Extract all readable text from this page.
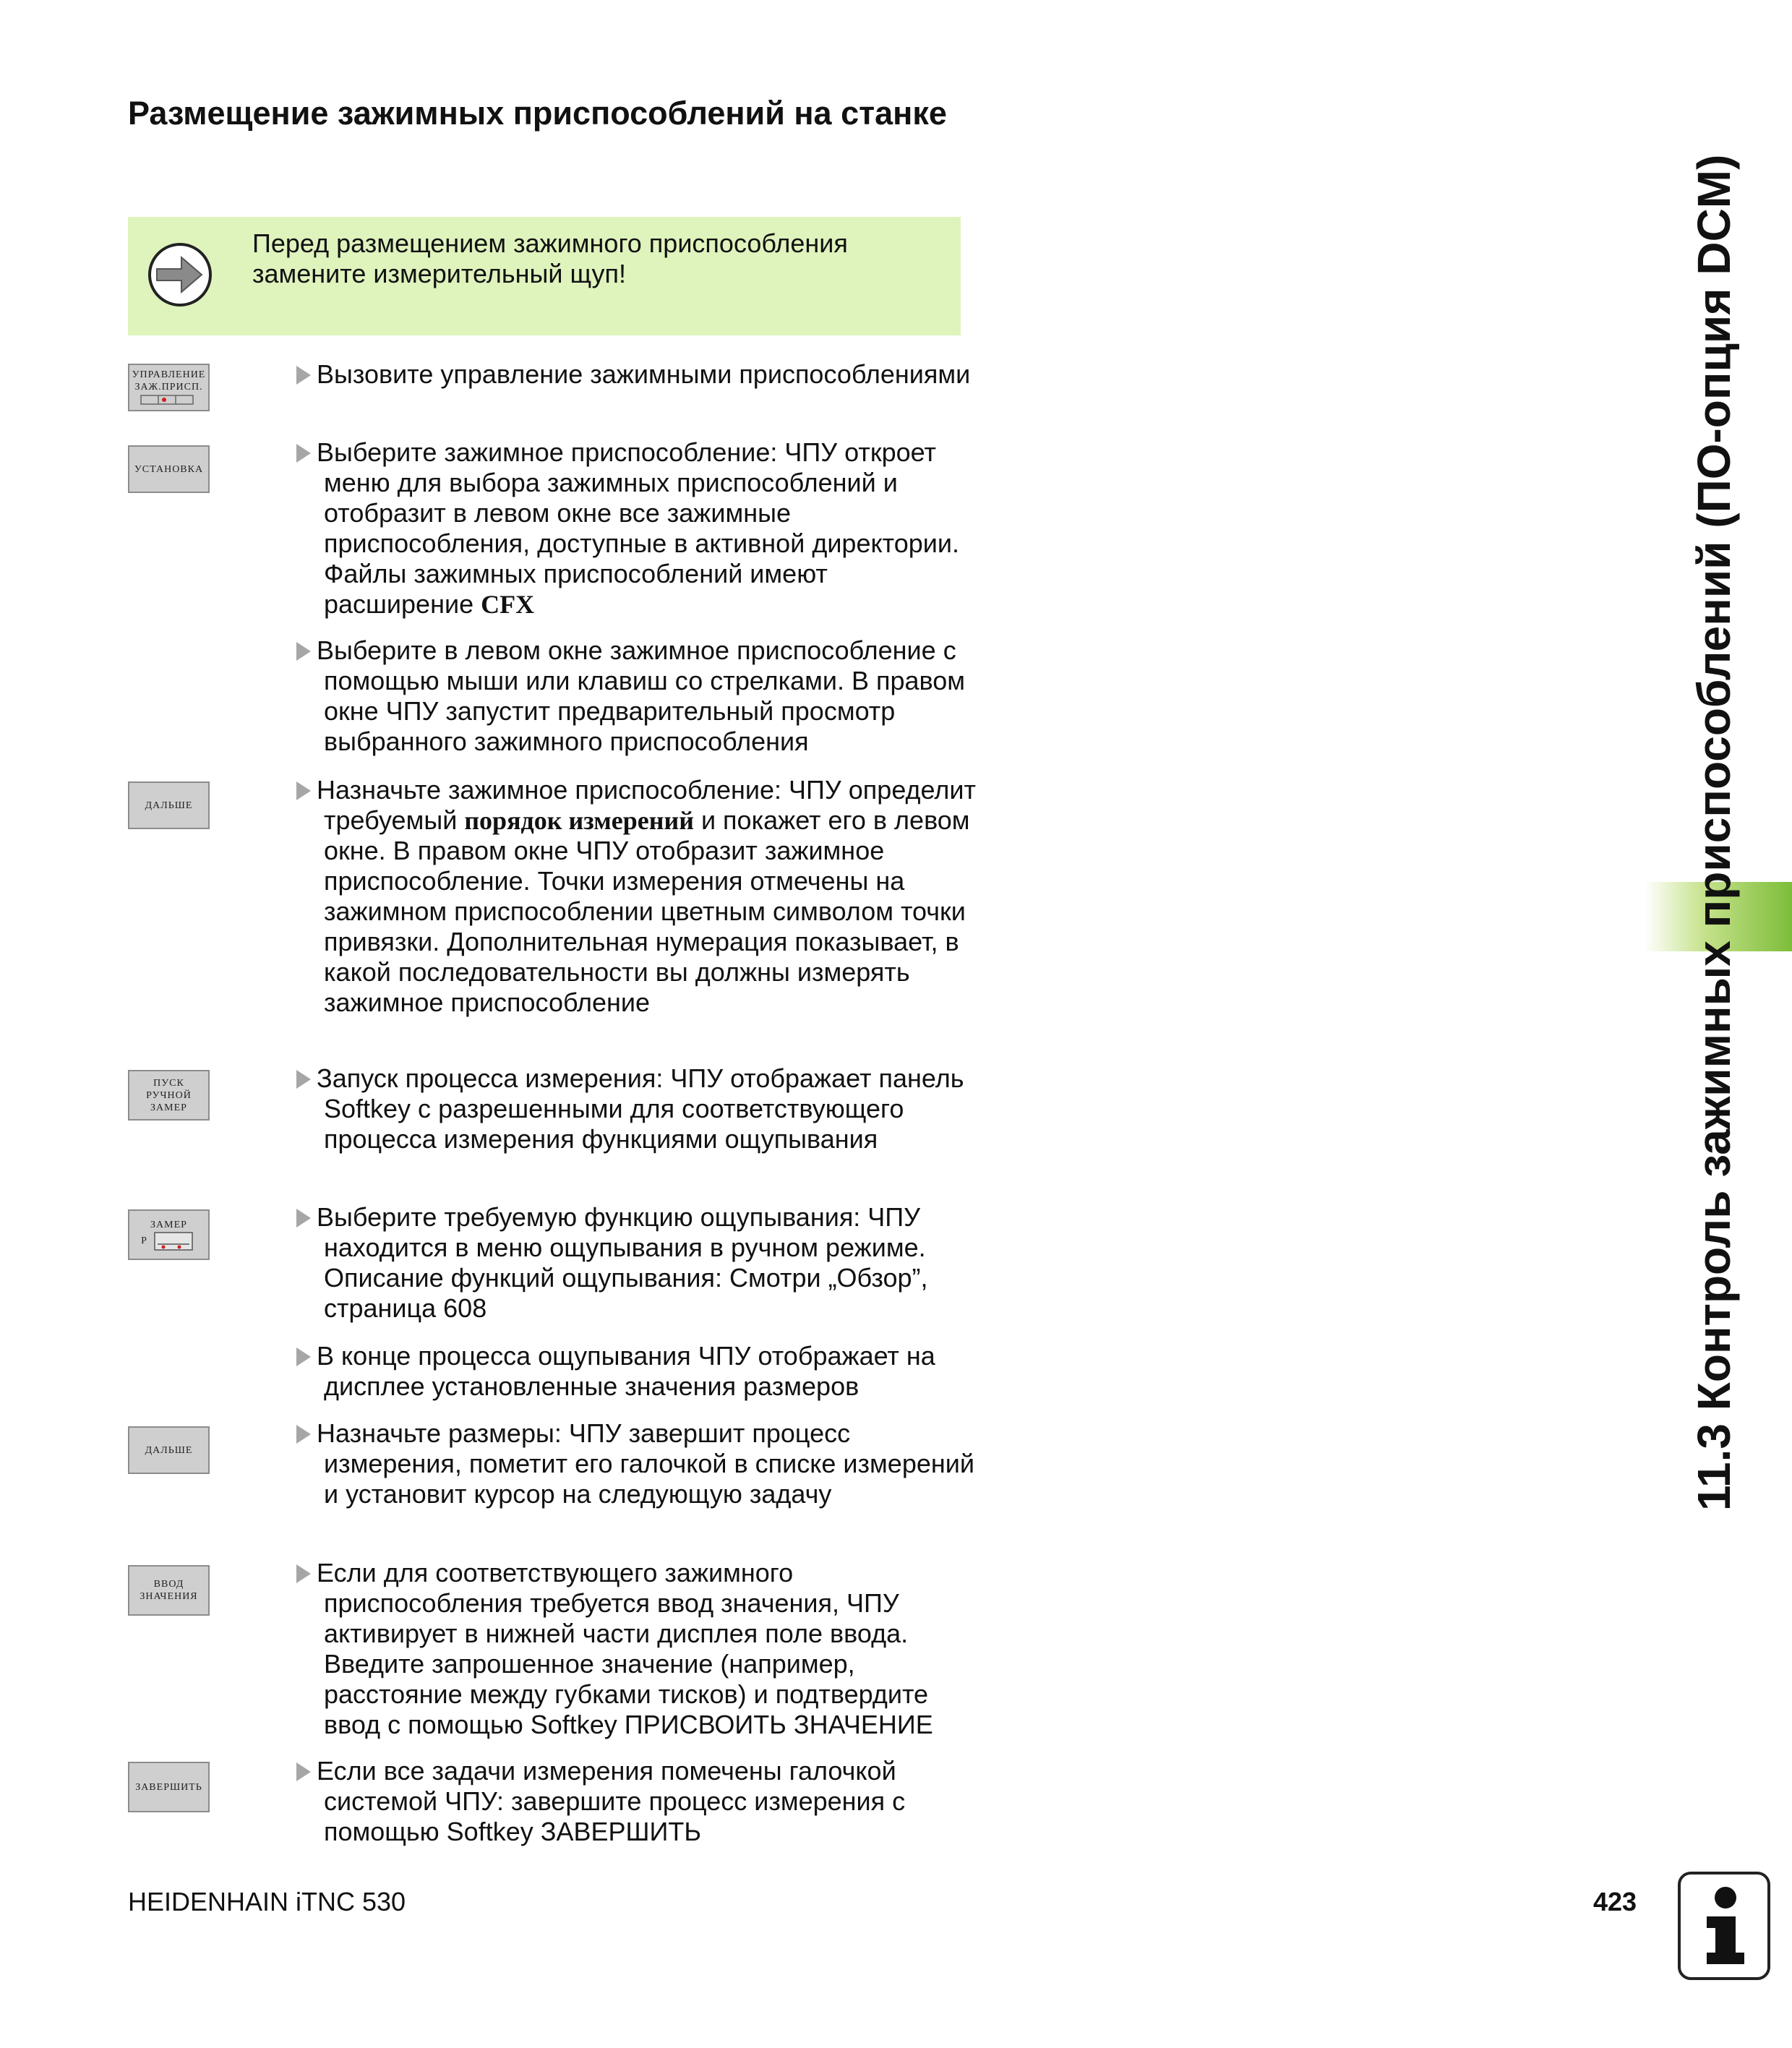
Размещение зажимных приспособлений на станке
Перед размещением зажимного приспособления замените измерительный щуп!
УПРАВЛЕНИЕ
ЗАЖ.ПРИСП.
УСТАНОВКА
ДАЛЬШЕ
ПУСК
РУЧНОЙ
ЗАМЕР
ЗАМЕР
P
ДАЛЬШЕ
ВВОД
ЗНАЧЕНИЯ
ЗАВЕРШИТЬ
Вызовите управление зажимными приспособлениями
Выберите зажимное приспособление: ЧПУ откроет меню для выбора зажимных приспособлений и отобразит в левом окне все зажимные приспособления, доступные в активной директории. Файлы зажимных приспособлений имеют расширение CFX
Выберите в левом окне зажимное приспособление с помощью мыши или клавиш со стрелками. В правом окне ЧПУ запустит предварительный просмотр выбранного зажимного приспособления
Назначьте зажимное приспособление: ЧПУ определит требуемый порядок измерений и покажет его в левом окне. В правом окне ЧПУ отобразит зажимное приспособление. Точки измерения отмечены на зажимном приспособлении цветным символом точки привязки. Дополнительная нумерация показывает, в какой последовательности вы должны измерять зажимное приспособление
Запуск процесса измерения: ЧПУ отображает панель Softkey с разрешенными для соответствующего процесса измерения функциями ощупывания
Выберите требуемую функцию ощупывания: ЧПУ находится в меню ощупывания в ручном режиме. Описание функций ощупывания: Смотри „Обзор”, страница 608
В конце процесса ощупывания ЧПУ отображает на дисплее установленные значения размеров
Назначьте размеры: ЧПУ завершит процесс измерения, пометит его галочкой в списке измерений и установит курсор на следующую задачу
Если для соответствующего зажимного приспособления требуется ввод значения, ЧПУ активирует в нижней части дисплея поле ввода. Введите запрошенное значение (например, расстояние между губками тисков) и подтвердите ввод с помощью Softkey ПРИСВОИТЬ ЗНАЧЕНИЕ
Если все задачи измерения помечены галочкой системой ЧПУ: завершите процесс измерения с помощью Softkey ЗАВЕРШИТЬ
11.3 Контроль зажимных приспособлений (ПО-опция DCM)
HEIDENHAIN iTNC 530	423
